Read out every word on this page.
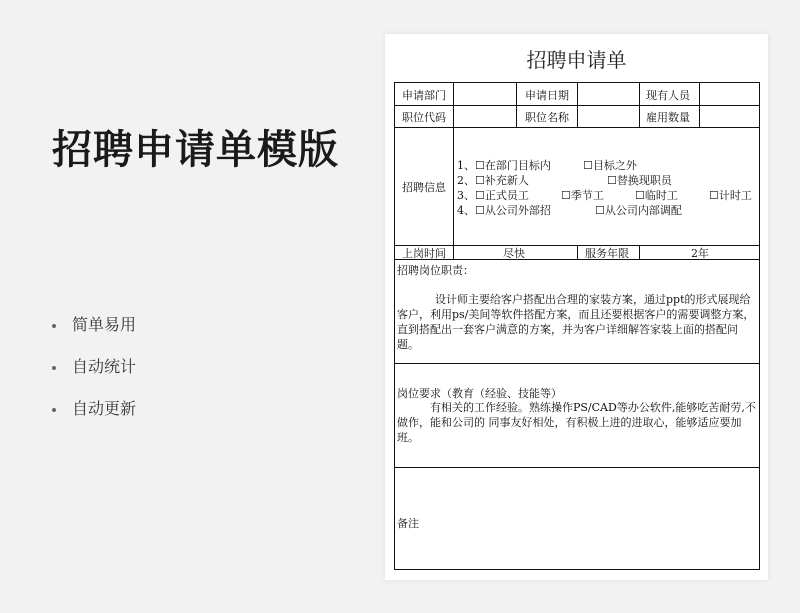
招聘申请单模版
简单易用
自动统计
自动更新
招聘申请单
申请部门	申请日期	现有人员
职位代码	职位名称	雇用数量
招聘信息
1、☐在部门目标内	☐目标之外
2、☐补充新人	☐替换现职员
3、☐正式员工	☐季节工	☐临时工	☐计时工
4、☐从公司外部招	☐从公司内部调配
上岗时间	尽快	服务年限	2年
招聘岗位职责：
设计师主要给客户搭配出合理的家装方案，通过ppt的形式展现给客户，利用ps/美间等软件搭配方案，而且还要根据客户的需要调整方案，直到搭配出一套客户满意的方案，并为客户详细解答家装上面的搭配问题。
岗位要求（教育（经验、技能等）
有相关的工作经验。熟练操作PS/CAD等办公软件,能够吃苦耐劳,不做作，能和公司的 同事友好相处，有积极上进的进取心，能够适应要加班。
备注
